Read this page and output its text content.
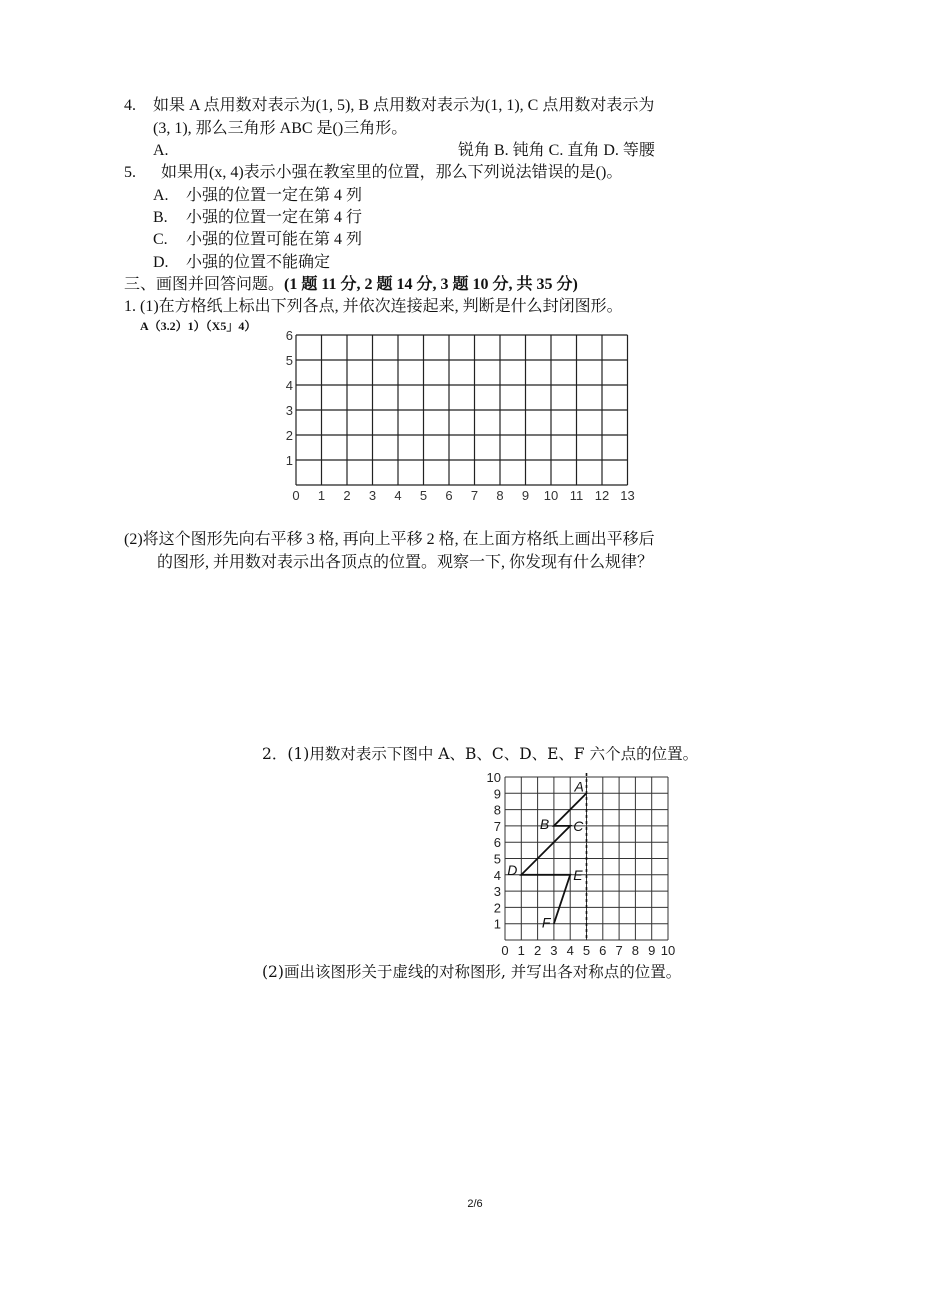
4. 如果 A 点用数对表示为(1, 5), B 点用数对表示为(1, 1), C 点用数对表示为
(3, 1), 那么三角形 ABC 是()三角形。
A.	锐角 B. 钝角 C. 直角 D. 等腰
5. 如果用(x, 4)表示小强在教室里的位置，那么下列说法错误的是()。
A. 小强的位置一定在第 4 列
B. 小强的位置一定在第 4 行
C. 小强的位置可能在第 4 列
D. 小强的位置不能确定
三、画图并回答问题。(1 题 11 分, 2 题 14 分, 3 题 10 分, 共 35 分)
1. (1)在方格纸上标出下列各点, 并依次连接起来, 判断是什么封闭图形。
A（3.2）1）（X5」4）
0 1 2 3 4 5 6 7 8 9 10 11 12 13
1
2
3
4
5
6
(2)将这个图形先向右平移 3 格, 再向上平移 2 格, 在上面方格纸上画出平移后
的图形, 并用数对表示出各顶点的位置。观察一下, 你发现有什么规律？
2．(1)用数对表示下图中 A、B、C、D、E、F 六个点的位置。
0 1 2 3 4 5 6 7 8 9 10
1
2
3
4
5
6
7
8
9
10
A
B C
D	E
F
(2)画出该图形关于虚线的对称图形, 并写出各对称点的位置。
2/6
